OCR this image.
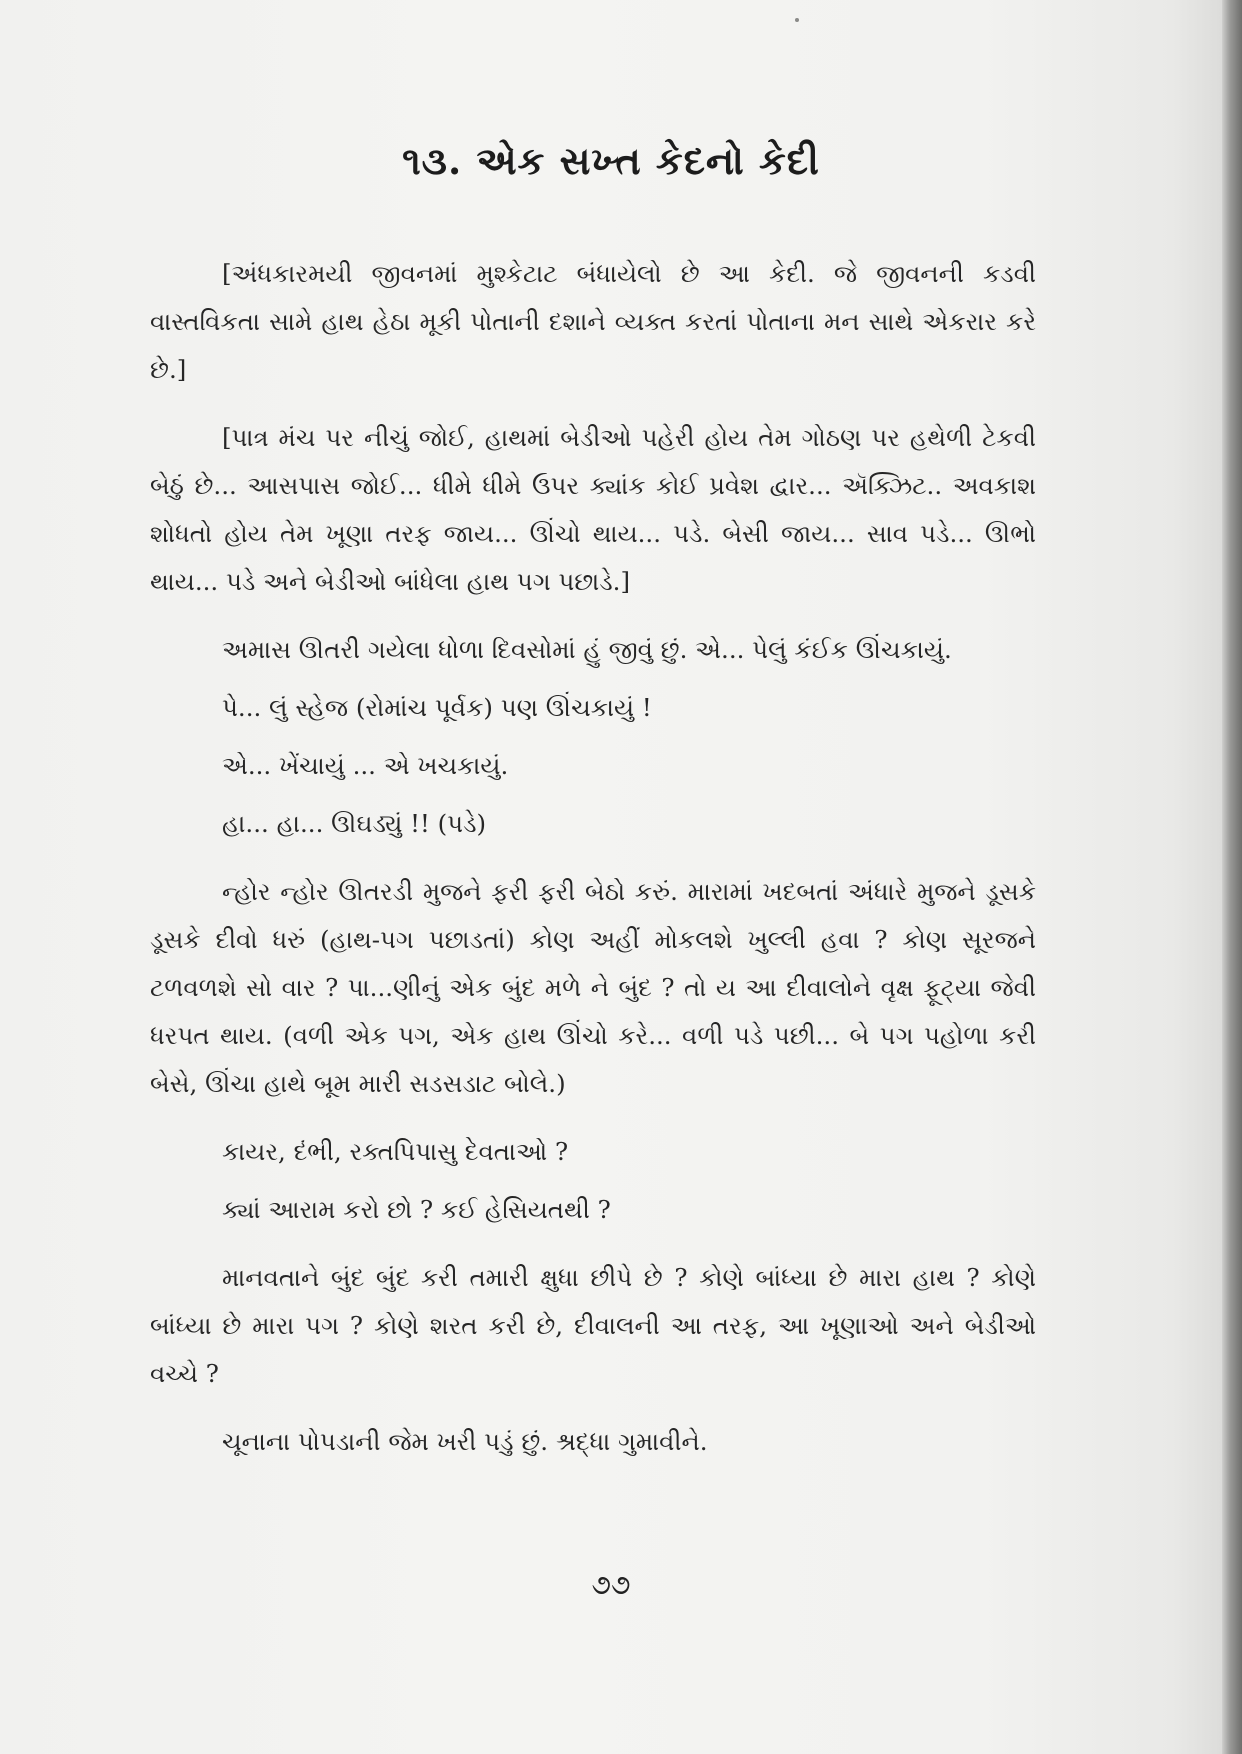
૧૩. એક સખ્ત કેદનો કેદી

[અંધકારમયી જીવનમાં મુશ્કેટાટ બંધાયેલો છે આ કેદી. જે જીવનની કડવી વાસ્તવિકતા સામે હાથ હેઠા મૂકી પોતાની દશાને વ્યક્ત કરતાં પોતાના મન સાથે એકરાર કરે છે.]

[પાત્ર મંચ પર નીચું જોઈ, હાથમાં બેડીઓ પહેરી હોય તેમ ગોઠણ પર હથેળી ટેકવી બેઠું છે... આસપાસ જોઈ... ધીમે ધીમે ઉપર ક્યાંક કોઈ પ્રવેશ દ્વાર... ઍક્ઝિટ.. અવકાશ શોધતો હોય તેમ ખૂણા તરફ જાય... ઊંચો થાય... પડે. બેસી જાય... સાવ પડે... ઊભો થાય... પડે અને બેડીઓ બાંધેલા હાથ પગ પછાડે.]

અમાસ ઊતરી ગયેલા ધોળા દિવસોમાં હું જીવું છું. એ... પેલું કંઈક ઊંચકાયું.

પે... લું સ્હેજ (રોમાંચ પૂર્વક) પણ ઊંચકાયું !

એ... ખેંચાયું ... એ ખચકાયું.

હા... હા... ઊઘડ્યું !! (પડે)

ન્હોર ન્હોર ઊતરડી મુજને ફરી ફરી બેઠો કરું. મારામાં ખદબતાં અંધારે મુજને ડૂસકે ડૂસકે દીવો ધરું (હાથ-પગ પછાડતાં) કોણ અહીં મોકલશે ખુલ્લી હવા ? કોણ સૂરજને ટળવળશે સો વાર ? પા...ણીનું એક બુંદ મળે ને બુંદ ? તો ય આ દીવાલોને વૃક્ષ ફૂટ્યા જેવી ધરપત થાય. (વળી એક પગ, એક હાથ ઊંચો કરે... વળી પડે પછી... બે પગ પહોળા કરી બેસે, ઊંચા હાથે બૂમ મારી સડસડાટ બોલે.)

કાયર, દંભી, રક્તપિપાસુ દેવતાઓ ?

ક્યાં આરામ કરો છો ? કઈ હેસિયતથી ?

માનવતાને બુંદ બુંદ કરી તમારી ક્ષુધા છીપે છે ? કોણે બાંધ્યા છે મારા હાથ ? કોણે બાંધ્યા છે મારા પગ ? કોણે શરત કરી છે, દીવાલની આ તરફ, આ ખૂણાઓ અને બેડીઓ વચ્ચે ?

ચૂનાના પોપડાની જેમ ખરી પડું છું. શ્રદ્ધા ગુમાવીને.

૭૭
